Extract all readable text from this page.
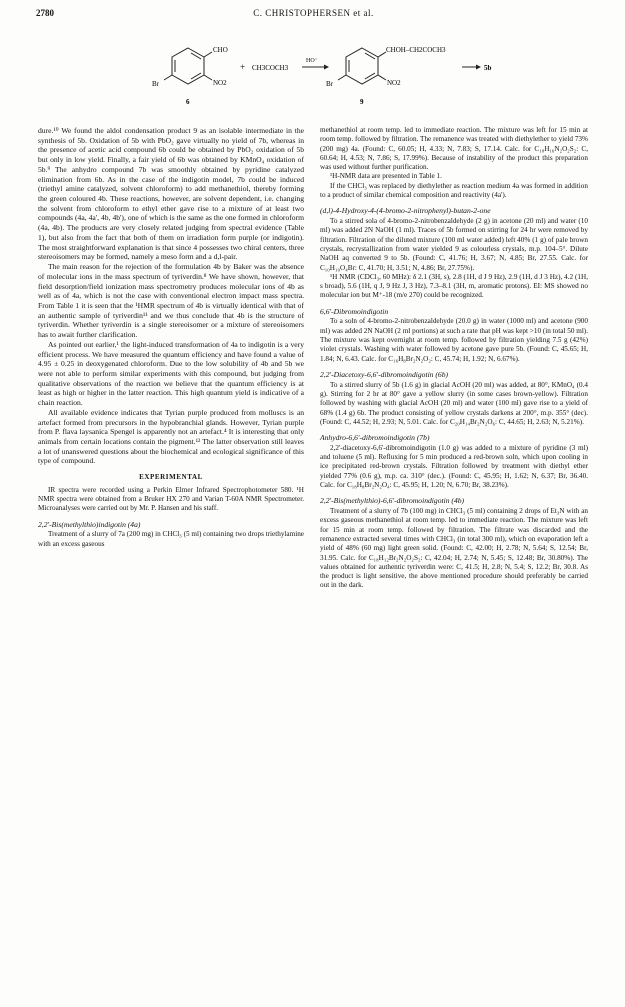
2780	C. CHRISTOPHERSEN et al.
CHO
NO2
Br
6
+ CH3COCH3
HO⁻
CHOH–CH2COCH3
NO2
Br
9
5b

dure.¹⁰ We found the aldol condensation product 9 as an isolable intermediate in the synthesis of 5b. Oxidation of 5b with PbO₂ gave virtually no yield of 7b, whereas in the presence of acetic acid compound 6b could be obtained by PbO₂ oxidation of 5b but only in low yield. Finally, a fair yield of 6b was obtained by KMnO₄ oxidation of 5b.⁹ The anhydro compound 7b was smoothly obtained by pyridine catalyzed elimination from 6b. As in the case of the indigotin model, 7b could be induced (triethyl amine catalyzed, solvent chloroform) to add methanethiol, thereby forming the green coloured 4b. These reactions, however, are solvent dependent, i.e. changing the solvent from chloroform to ethyl ether gave rise to a mixture of at least two compounds (4a, 4a', 4b, 4b'), one of which is the same as the one formed in chloroform (4a, 4b). The products are very closely related judging from spectral evidence (Table 1), but also from the fact that both of them on irradiation form purple (or indigotin). The most straightforward explanation is that since 4 possesses two chiral centers, three stereoisomers may be formed, namely a meso form and a d,l-pair.

The main reason for the rejection of the formulation 4b by Baker was the absence of molecular ions in the mass spectrum of tyriverdin.⁸ We have shown, however, that field desorption/field ionization mass spectrometry produces molecular ions of 4b as well as of 4a, which is not the case with conventional electron impact mass spectra. From Table 1 it is seen that the ¹HMR spectrum of 4b is virtually identical with that of an authentic sample of tyriverdin¹¹ and we thus conclude that 4b is the structure of tyriverdin. Whether tyriverdin is a single stereoisomer or a mixture of stereoisomers has to await further clarification.

As pointed out earlier,¹ the light-induced transformation of 4a to indigotin is a very efficient process. We have measured the quantum efficiency and have found a value of 4.95 ± 0.25 in deoxygenated chloroform. Due to the low solubility of 4b and 5b we were not able to perform similar experiments with this compound, but judging from qualitative observations of the reaction we believe that the quantum efficiency is at least as high or higher in the latter reaction. This high quantum yield is indicative of a chain reaction.

All available evidence indicates that Tyrian purple produced from molluscs is an artefact formed from precursors in the hypobranchial glands. However, Tyrian purple from P. flava laysanica Spengel is apparently not an artefact.⁴ It is interesting that only animals from certain locations contain the pigment.¹² The latter observation still leaves a lot of unanswered questions about the biochemical and ecological significance of this type of compound.

EXPERIMENTAL

IR spectra were recorded using a Perkin Elmer Infrared Spectrophotometer 580. ¹H NMR spectra were obtained from a Bruker HX 270 and Varian T-60A NMR Spectrometer. Microanalyses were carried out by Mr. P. Hansen and his staff.

2,2'-Bis(methylthio)indigotin (4a)

Treatment of a slurry of 7a (200 mg) in CHCl₃ (5 ml) containing two drops triethylamine with an excess gaseous

methanethiol at room temp. led to immediate reaction. The mixture was left for 15 min at room temp. followed by filtration. The remanence was treated with diethylether to yield 73% (200 mg) 4a. (Found: C, 60.05; H, 4.33; N, 7.83; S, 17.14. Calc. for C₁₈H₁₆N₂O₂S₂: C, 60.64; H, 4.53; N, 7.86; S, 17.99%). Because of instability of the product this preparation was used without further purification.

¹H-NMR data are presented in Table 1.

If the CHCl₃ was replaced by diethylether as reaction medium 4a was formed in addition to a product of similar chemical composition and reactivity (4a').

(d,l)-4-Hydroxy-4-(4-bromo-2-nitrophenyl)-butan-2-one

To a stirred sola of 4-bromo-2-nitrobenzaldehyde (2 g) in acetone (20 ml) and water (10 ml) was added 2N NaOH (1 ml). Traces of 5b formed on stirring for 24 hr were removed by filtration. Filtration of the diluted mixture (100 ml water added) left 40% (1 g) of pale brown crystals, recrystallization from water yielded 9 as colourless crystals, m.p. 104–5°. Dilute NaOH aq converted 9 to 5b. (Found: C, 41.76; H, 3.67; N, 4.85; Br, 27.55. Calc. for C₁₀H₁₀O₄Br: C, 41.70; H, 3.51; N, 4.86; Br, 27.75%).

¹H NMR (CDCl₃, 60 MHz): δ 2.1 (3H, s), 2.8 (1H, d J 9 Hz), 2.9 (1H, d J 3 Hz), 4.2 (1H, s broad), 5.6 (1H, q J, 9 Hz J, 3 Hz), 7.3–8.1 (3H, m, aromatic protons). EI: MS showed no molecular ion but M⁺-18 (m/e 270) could be recognized.

6,6'-Dibromoindigotin

To a soln of 4-bromo-2-nitrobenzaldehyde (20.0 g) in water (1000 ml) and acetone (900 ml) was added 2N NaOH (2 ml portions) at such a rate that pH was kept >10 (in total 50 ml). The mixture was kept overnight at room temp. followed by filtration yielding 7.5 g (42%) violet crystals. Washing with water followed by acetone gave pure 5b. (Found: C, 45.65; H, 1.84; N, 6.43. Calc. for C₁₆H₈Br₂N₂O₂: C, 45.74; H, 1.92; N, 6.67%).

2,2'-Diacetoxy-6,6'-dibromoindigotin (6b)

To a stirred slurry of 5b (1.6 g) in glacial AcOH (20 ml) was added, at 80°, KMnO₄ (0.4 g). Stirring for 2 hr at 80° gave a yellow slurry (in some cases brown-yellow). Filtration followed by washing with glacial AcOH (20 ml) and water (100 ml) gave rise to a yield of 68% (1.4 g) 6b. The product consisting of yellow crystals darkens at 200°, m.p. 355° (dec). (Found: C, 44.52; H, 2.93; N, 5.01. Calc. for C₂₀H₁₄Br₂N₂O₆: C, 44.65; H, 2.63; N, 5.21%).

Anhydro-6,6'-dibromoindigotin (7b)

2,2'-diacetoxy-6,6'-dibromoindigotin (1.0 g) was added to a mixture of pyridine (3 ml) and toluene (5 ml). Refluxing for 5 min produced a red-brown soln, which upon cooling in ice precipitated red-brown crystals. Filtration followed by treatment with diethyl ether yielded 77% (0.6 g), m.p. ca. 310° (dec.). (Found: C, 45.95; H, 1.62; N, 6.37; Br, 36.40. Calc. for C₁₈H₈Br₂N₂O₄: C, 45.95; H, 1.20; N, 6.70; Br, 38.23%).

2,2'-Bis(methylthio)-6,6'-dibromoindigotin (4b)

Treatment of a slurry of 7b (100 mg) in CHCl₃ (5 ml) containing 2 drops of Et₃N with an excess gaseous methanethiol at room temp. led to immediate reaction. The mixture was left for 15 min at room temp. followed by filtration. The filtrate was discarded and the remanence extracted several times with CHCl₃ (in total 300 ml), which on evaporation left a yield of 48% (60 mg) light green solid. (Found: C, 42.00; H, 2.78; N, 5.64; S, 12.54; Br, 31.95. Calc. for C₁₈H₁₂Br₂N₂O₂S₂: C, 42.04; H, 2.74; N, 5.45; S, 12.48; Br, 30.80%). The values obtained for authentic tyriverdin were: C, 41.5; H, 2.8; N, 5.4; S, 12.2; Br, 30.8. As the product is light sensitive, the above mentioned procedure should preferably be carried out in the dark.
